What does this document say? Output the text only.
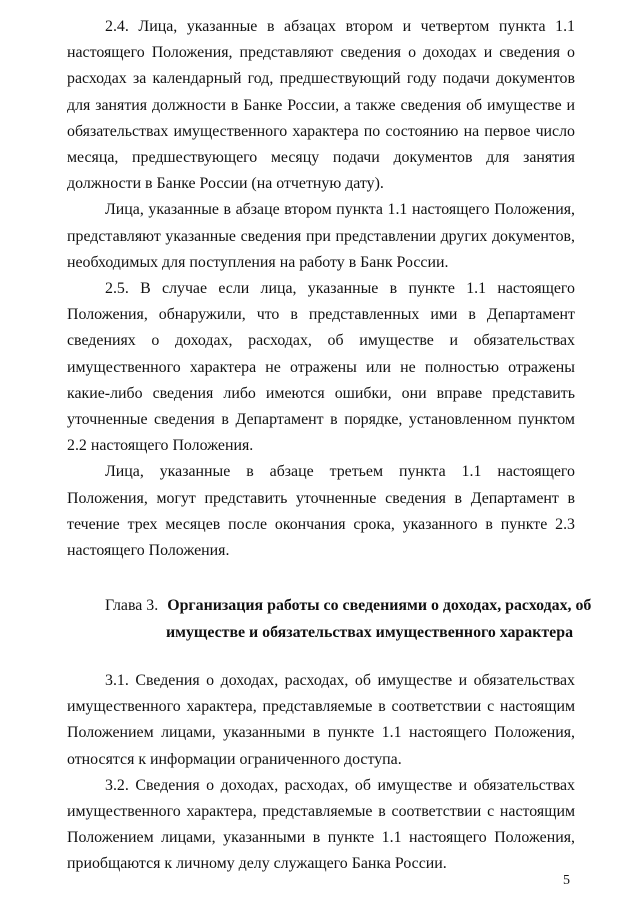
2.4. Лица, указанные в абзацах втором и четвертом пункта 1.1 настоящего Положения, представляют сведения о доходах и сведения о расходах за календарный год, предшествующий году подачи документов для занятия должности в Банке России, а также сведения об имуществе и обязательствах имущественного характера по состоянию на первое число месяца, предшествующего месяцу подачи документов для занятия должности в Банке России (на отчетную дату).

Лица, указанные в абзаце втором пункта 1.1 настоящего Положения, представляют указанные сведения при представлении других документов, необходимых для поступления на работу в Банк России.

2.5. В случае если лица, указанные в пункте 1.1 настоящего Положения, обнаружили, что в представленных ими в Департамент сведениях о доходах, расходах, об имуществе и обязательствах имущественного характера не отражены или не полностью отражены какие-либо сведения либо имеются ошибки, они вправе представить уточненные сведения в Департамент в порядке, установленном пунктом 2.2 настоящего Положения.

Лица, указанные в абзаце третьем пункта 1.1 настоящего Положения, могут представить уточненные сведения в Департамент в течение трех месяцев после окончания срока, указанного в пункте 2.3 настоящего Положения.

Глава 3. Организация работы со сведениями о доходах, расходах, об
имуществе и обязательствах имущественного характера

3.1. Сведения о доходах, расходах, об имуществе и обязательствах имущественного характера, представляемые в соответствии с настоящим Положением лицами, указанными в пункте 1.1 настоящего Положения, относятся к информации ограниченного доступа.

3.2. Сведения о доходах, расходах, об имуществе и обязательствах имущественного характера, представляемые в соответствии с настоящим Положением лицами, указанными в пункте 1.1 настоящего Положения, приобщаются к личному делу служащего Банка России.

5
